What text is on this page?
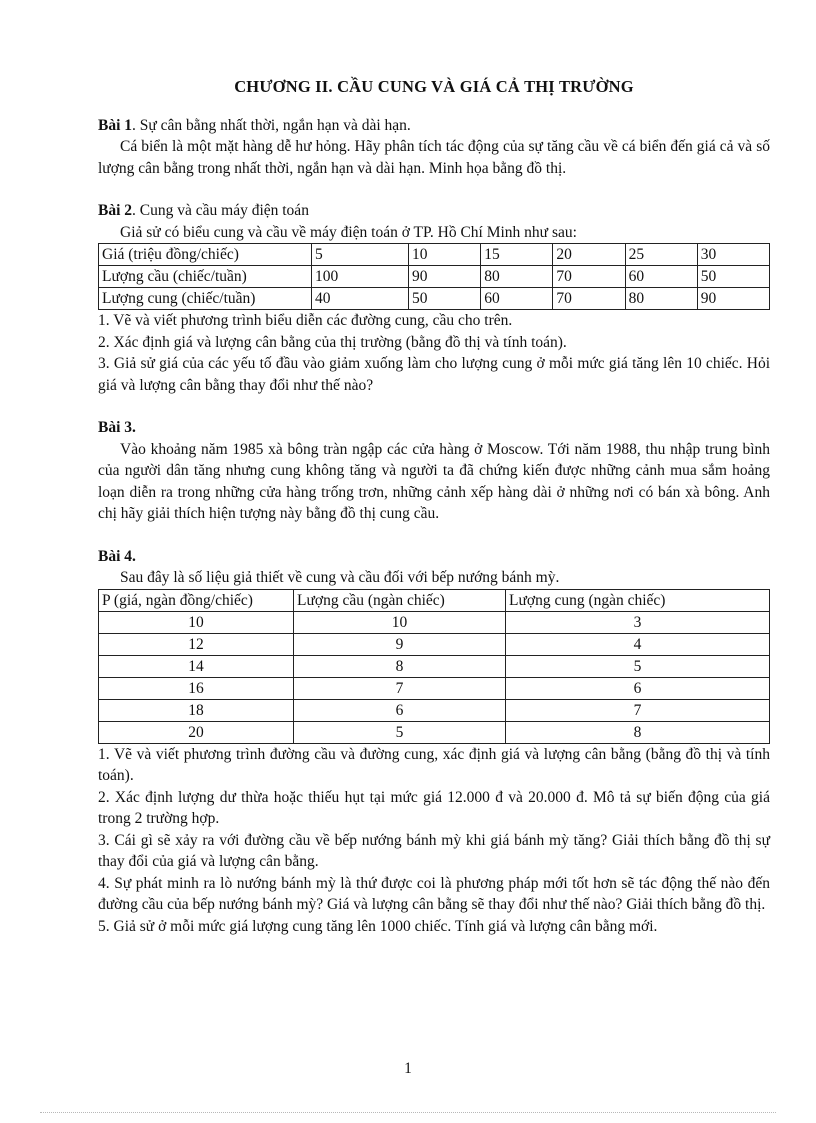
CHƯƠNG II. CẦU CUNG VÀ GIÁ CẢ THỊ TRƯỜNG

Bài 1. Sự cân bằng nhất thời, ngắn hạn và dài hạn.

Cá biển là một mặt hàng dễ hư hỏng. Hãy phân tích tác động của sự tăng cầu về cá biển đến giá cả và số lượng cân bằng trong nhất thời, ngắn hạn và dài hạn. Minh họa bằng đồ thị.

Bài 2. Cung và cầu máy điện toán

Giả sử có biểu cung và cầu về máy điện toán ở TP. Hồ Chí Minh như sau:

Giá (triệu đồng/chiếc)	5	10	15	20	25	30
Lượng cầu (chiếc/tuần)	100	90	80	70	60	50
Lượng cung (chiếc/tuần)	40	50	60	70	80	90

1. Vẽ và viết phương trình biểu diễn các đường cung, cầu cho trên.

2. Xác định giá và lượng cân bằng của thị trường (bằng đồ thị và tính toán).

3. Giả sử giá của các yếu tố đầu vào giảm xuống làm cho lượng cung ở mỗi mức giá tăng lên 10 chiếc. Hỏi giá và lượng cân bằng thay đổi như thế nào?

Bài 3.

Vào khoảng năm 1985 xà bông tràn ngập các cửa hàng ở Moscow. Tới năm 1988, thu nhập trung bình của người dân tăng nhưng cung không tăng và người ta đã chứng kiến được những cảnh mua sắm hoảng loạn diễn ra trong những cửa hàng trống trơn, những cảnh xếp hàng dài ở những nơi có bán xà bông. Anh chị hãy giải thích hiện tượng này bằng đồ thị cung cầu.

Bài 4.

Sau đây là số liệu giả thiết về cung và cầu đối với bếp nướng bánh mỳ.

P (giá, ngàn đồng/chiếc)	Lượng cầu (ngàn chiếc)	Lượng cung (ngàn chiếc)
10	10	3
12	9	4
14	8	5
16	7	6
18	6	7
20	5	8

1. Vẽ và viết phương trình đường cầu và đường cung, xác định giá và lượng cân bằng (bằng đồ thị và tính toán).

2. Xác định lượng dư thừa hoặc thiếu hụt tại mức giá 12.000 đ và 20.000 đ. Mô tả sự biến động của giá trong 2 trường hợp.

3. Cái gì sẽ xảy ra với đường cầu về bếp nướng bánh mỳ khi giá bánh mỳ tăng? Giải thích bằng đồ thị sự thay đổi của giá và lượng cân bằng.

4. Sự phát minh ra lò nướng bánh mỳ là thứ được coi là phương pháp mới tốt hơn sẽ tác động thế nào đến đường cầu của bếp nướng bánh mỳ? Giá và lượng cân bằng sẽ thay đổi như thế nào? Giải thích bằng đồ thị.

5. Giả sử ở mỗi mức giá lượng cung tăng lên 1000 chiếc. Tính giá và lượng cân bằng mới.

1
